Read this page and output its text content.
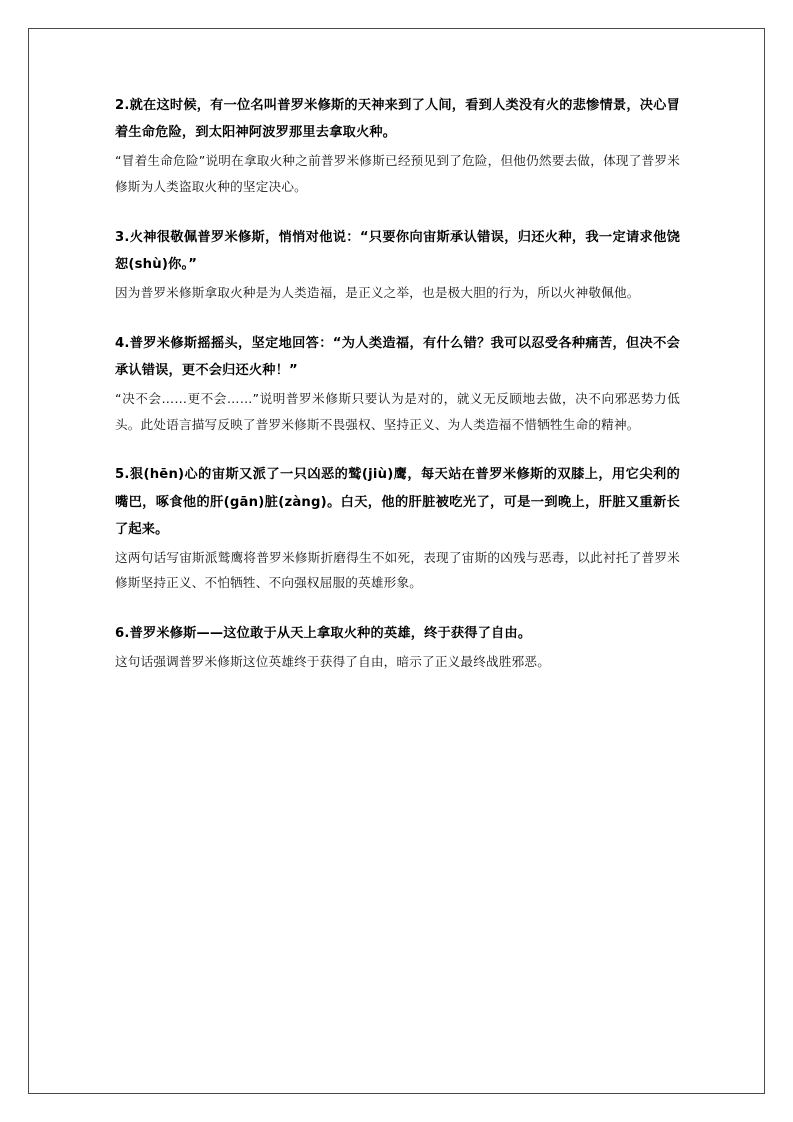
2.就在这时候，有一位名叫普罗米修斯的天神来到了人间，看到人类没有火的悲惨情景，决心冒着生命危险，到太阳神阿波罗那里去拿取火种。

“冒着生命危险”说明在拿取火种之前普罗米修斯已经预见到了危险，但他仍然要去做，体现了普罗米修斯为人类盗取火种的坚定决心。

3.火神很敬佩普罗米修斯，悄悄对他说：“只要你向宙斯承认错误，归还火种，我一定请求他饶恕(shù)你。”

因为普罗米修斯拿取火种是为人类造福，是正义之举，也是极大胆的行为，所以火神敬佩他。

4.普罗米修斯摇摇头，坚定地回答：“为人类造福，有什么错？我可以忍受各种痛苦，但决不会承认错误，更不会归还火种！”

“决不会……更不会……”说明普罗米修斯只要认为是对的，就义无反顾地去做，决不向邪恶势力低头。此处语言描写反映了普罗米修斯不畏强权、坚持正义、为人类造福不惜牺牲生命的精神。

5.狠(hēn)心的宙斯又派了一只凶恶的鹫(jiù)鹰，每天站在普罗米修斯的双膝上，用它尖利的嘴巴，啄食他的肝(gān)脏(zàng)。白天，他的肝脏被吃光了，可是一到晚上，肝脏又重新长了起来。

这两句话写宙斯派鹫鹰将普罗米修斯折磨得生不如死，表现了宙斯的凶残与恶毒，以此衬托了普罗米修斯坚持正义、不怕牺牲、不向强权屈服的英雄形象。

6.普罗米修斯——这位敢于从天上拿取火种的英雄，终于获得了自由。

这句话强调普罗米修斯这位英雄终于获得了自由，暗示了正义最终战胜邪恶。
